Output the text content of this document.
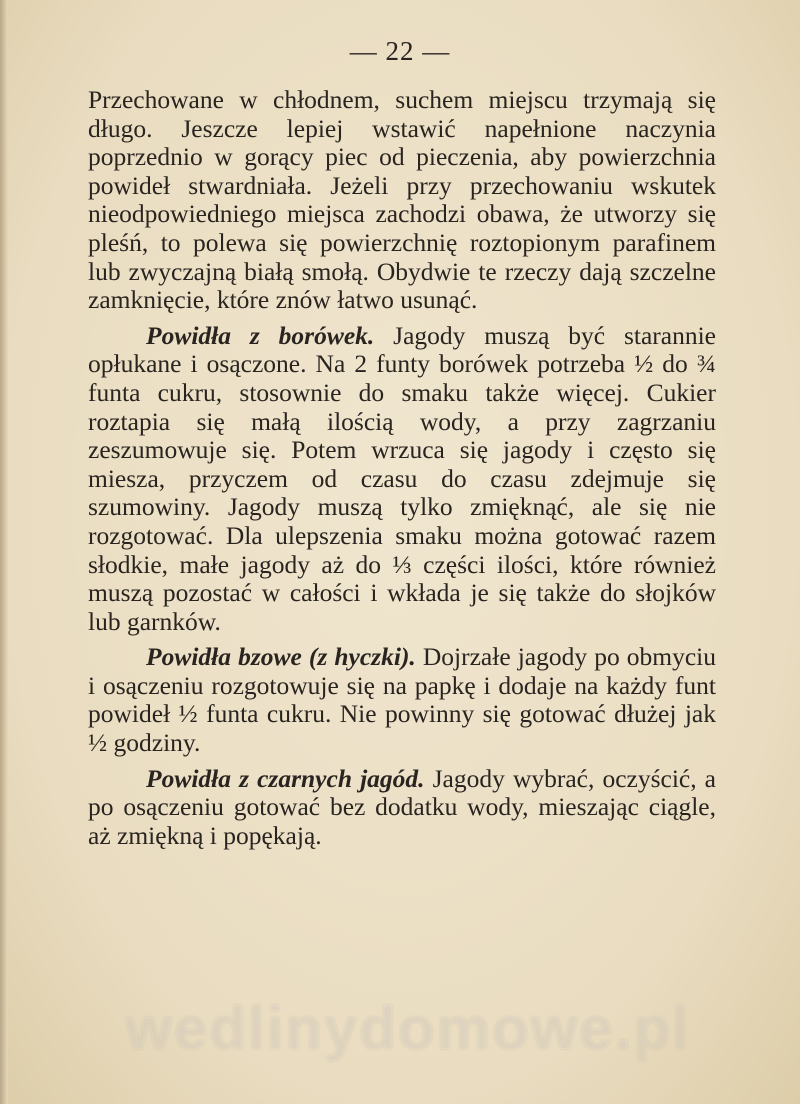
— 22 —

Przechowane w chłodnem, suchem miejscu trzymają się długo. Jeszcze lepiej wstawić napełnione naczynia poprzednio w gorący piec od pieczenia, aby powierzchnia powideł stwardniała. Jeżeli przy przechowaniu wskutek nieodpowiedniego miejsca zachodzi obawa, że utworzy się pleśń, to polewa się powierzchnię roztopionym parafinem lub zwyczajną białą smołą. Obydwie te rzeczy dają szczelne zamknięcie, które znów łatwo usunąć.

Powidła z borówek. Jagody muszą być starannie opłukane i osączone. Na 2 funty borówek potrzeba ½ do ¾ funta cukru, stosownie do smaku także więcej. Cukier roztapia się małą ilością wody, a przy zagrzaniu zeszumowuje się. Potem wrzuca się jagody i często się miesza, przyczem od czasu do czasu zdejmuje się szumowiny. Jagody muszą tylko zmięknąć, ale się nie rozgotować. Dla ulepszenia smaku można gotować razem słodkie, małe jagody aż do ⅓ części ilości, które również muszą pozostać w całości i wkłada je się także do słojków lub garnków.

Powidła bzowe (z hyczki). Dojrzałe jagody po obmyciu i osączeniu rozgotowuje się na papkę i dodaje na każdy funt powideł ½ funta cukru. Nie powinny się gotować dłużej jak ½ godziny.

Powidła z czarnych jagód. Jagody wybrać, oczyścić, a po osączeniu gotować bez dodatku wody, mieszając ciągle, aż zmiękną i popękają.

wedlinydomowe.pl
